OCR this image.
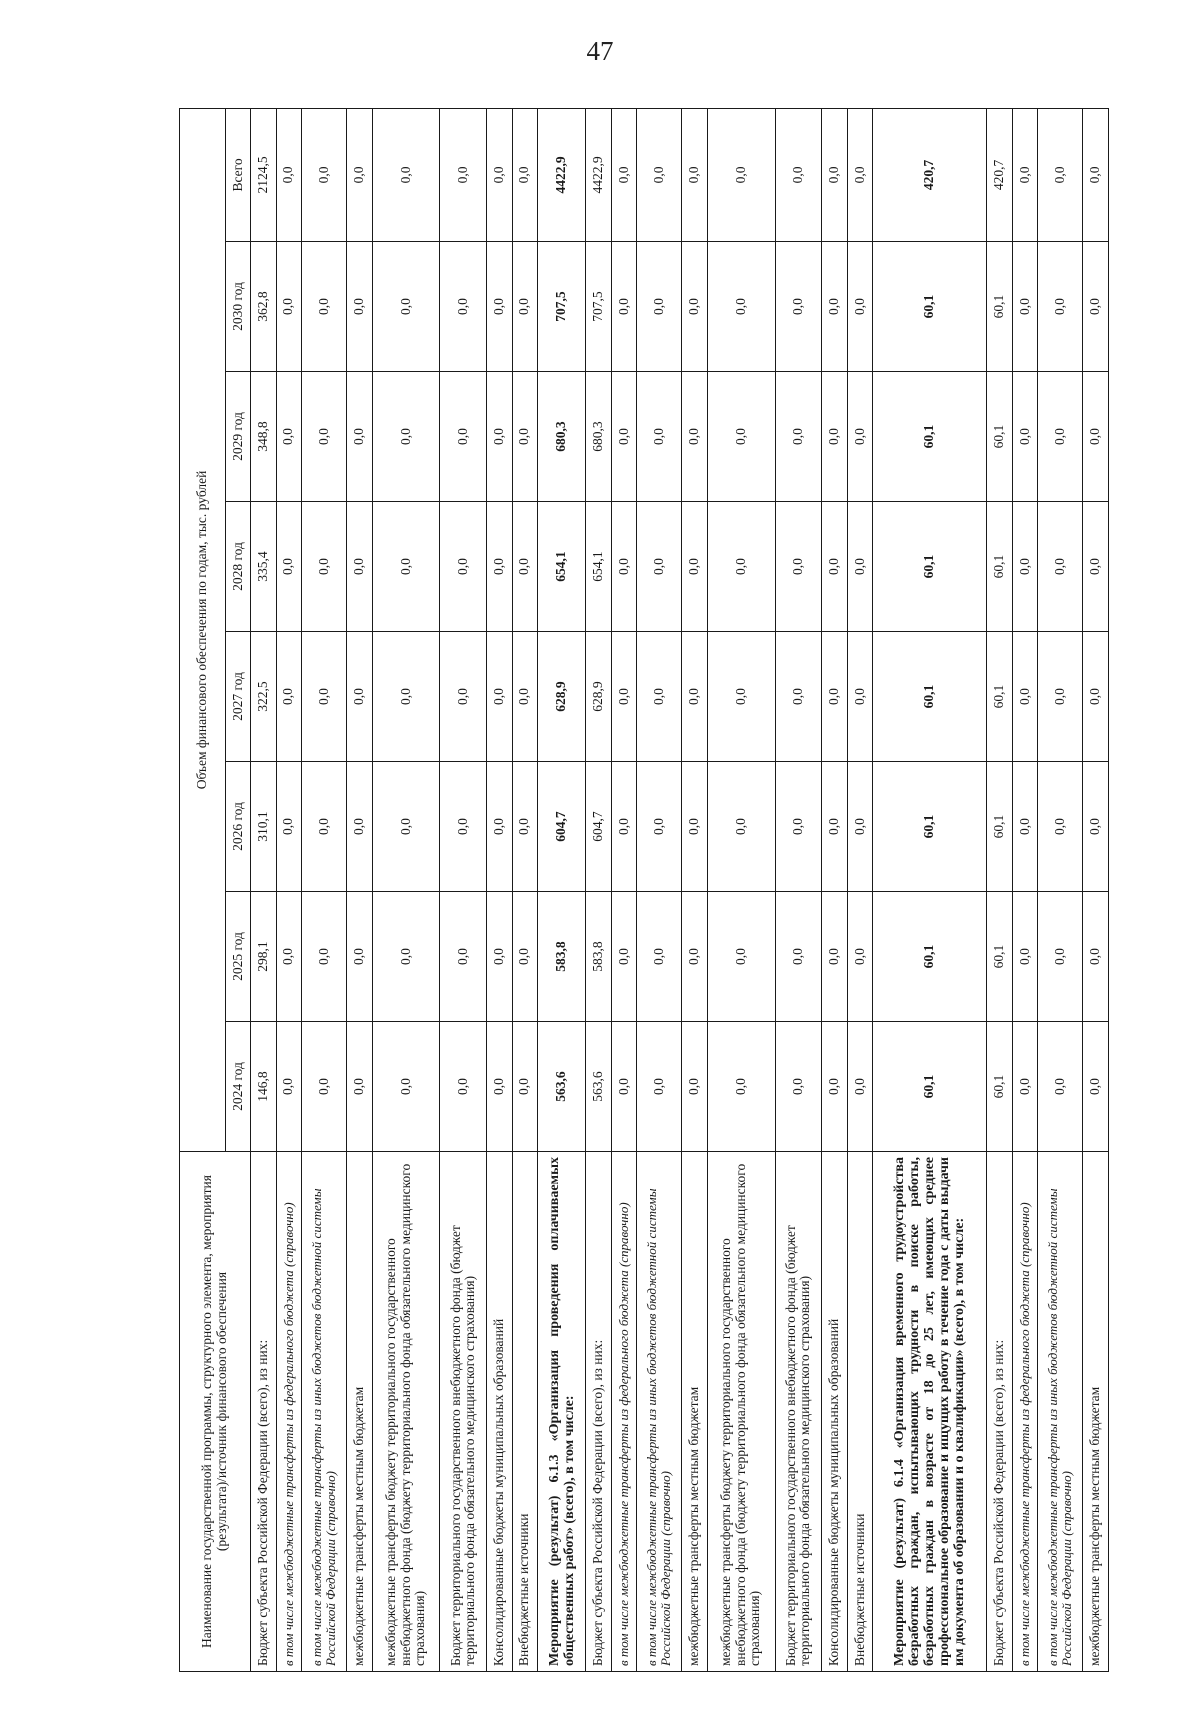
47
Наименование государственной программы, структурного элемента, мероприятия (результата)/источник финансового обеспечения	Объем финансового обеспечения по годам, тыс. рублей							
	2024 год	2025 год	2026 год	2027 год	2028 год	2029 год	2030 год	Всего
Бюджет субъекта Российской Федерации (всего), из них:	146,8	298,1	310,1	322,5	335,4	348,8	362,8	2124,5
в том числе межбюджетные трансферты из федерального бюджета (справочно)	0,0	0,0	0,0	0,0	0,0	0,0	0,0	0,0
в том числе межбюджетные трансферты из иных бюджетов бюджетной системы Российской Федерации (справочно)	0,0	0,0	0,0	0,0	0,0	0,0	0,0	0,0
межбюджетные трансферты местным бюджетам	0,0	0,0	0,0	0,0	0,0	0,0	0,0	0,0
межбюджетные трансферты бюджету территориального государственного внебюджетного фонда (бюджету территориального фонда обязательного медицинского страхования)	0,0	0,0	0,0	0,0	0,0	0,0	0,0	0,0
Бюджет территориального государственного внебюджетного фонда (бюджет территориального фонда обязательного медицинского страхования)	0,0	0,0	0,0	0,0	0,0	0,0	0,0	0,0
Консолидированные бюджеты муниципальных образований	0,0	0,0	0,0	0,0	0,0	0,0	0,0	0,0
Внебюджетные источники	0,0	0,0	0,0	0,0	0,0	0,0	0,0	0,0
Мероприятие (результат) 6.1.3 «Организация проведения оплачиваемых общественных работ» (всего), в том числе:	563,6	583,8	604,7	628,9	654,1	680,3	707,5	4422,9
Бюджет субъекта Российской Федерации (всего), из них:	563,6	583,8	604,7	628,9	654,1	680,3	707,5	4422,9
в том числе межбюджетные трансферты из федерального бюджета (справочно)	0,0	0,0	0,0	0,0	0,0	0,0	0,0	0,0
в том числе межбюджетные трансферты из иных бюджетов бюджетной системы Российской Федерации (справочно)	0,0	0,0	0,0	0,0	0,0	0,0	0,0	0,0
межбюджетные трансферты местным бюджетам	0,0	0,0	0,0	0,0	0,0	0,0	0,0	0,0
межбюджетные трансферты бюджету территориального государственного внебюджетного фонда (бюджету территориального фонда обязательного медицинского страхования)	0,0	0,0	0,0	0,0	0,0	0,0	0,0	0,0
Бюджет территориального государственного внебюджетного фонда (бюджет территориального фонда обязательного медицинского страхования)	0,0	0,0	0,0	0,0	0,0	0,0	0,0	0,0
Консолидированные бюджеты муниципальных образований	0,0	0,0	0,0	0,0	0,0	0,0	0,0	0,0
Внебюджетные источники	0,0	0,0	0,0	0,0	0,0	0,0	0,0	0,0
Мероприятие (результат) 6.1.4 «Организация временного трудоустройства безработных граждан, испытывающих трудности в поиске работы, безработных граждан в возрасте от 18 до 25 лет, имеющих среднее профессиональное образование и ищущих работу в течение года с даты выдачи им документа об образовании и о квалификации» (всего), в том числе:	60,1	60,1	60,1	60,1	60,1	60,1	60,1	420,7
Бюджет субъекта Российской Федерации (всего), из них:	60,1	60,1	60,1	60,1	60,1	60,1	60,1	420,7
в том числе межбюджетные трансферты из федерального бюджета (справочно)	0,0	0,0	0,0	0,0	0,0	0,0	0,0	0,0
в том числе межбюджетные трансферты из иных бюджетов бюджетной системы Российской Федерации (справочно)	0,0	0,0	0,0	0,0	0,0	0,0	0,0	0,0
межбюджетные трансферты местным бюджетам	0,0	0,0	0,0	0,0	0,0	0,0	0,0	0,0
